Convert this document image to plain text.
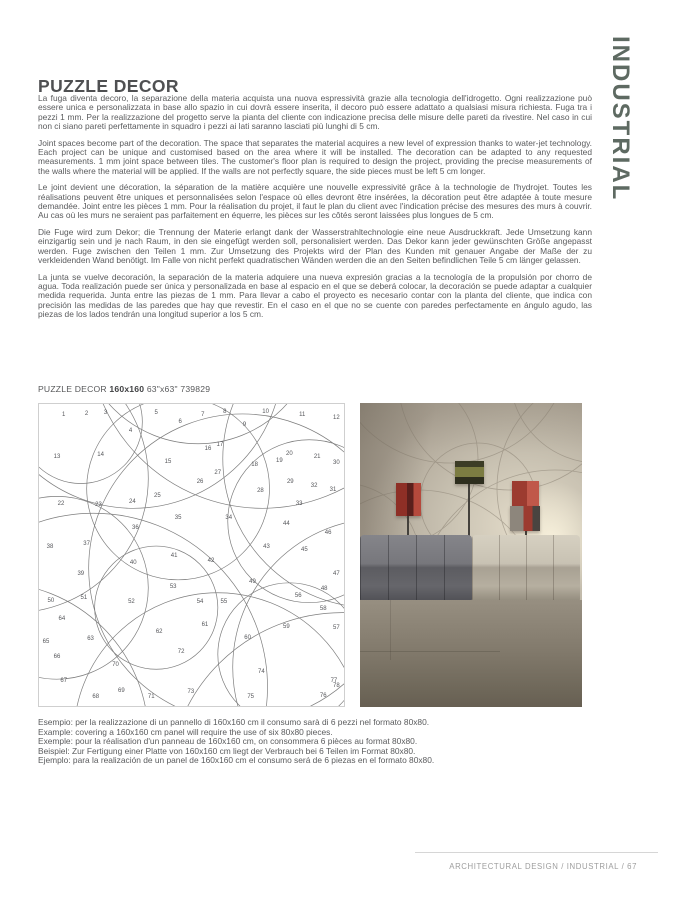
PUZZLE DECOR

La fuga diventa decoro, la separazione della materia acquista una nuova espressività grazie alla tecnologia dell'idrogetto. Ogni realizzazione può essere unica e personalizzata in base allo spazio in cui dovrà essere inserita, il decoro può essere adattato a qualsiasi misura richiesta. Fuga tra i pezzi 1 mm. Per la realizzazione del progetto serve la pianta del cliente con indicazione precisa delle misure delle pareti da rivestire. Nel caso in cui non ci siano pareti perfettamente in squadro i pezzi ai lati saranno lasciati più lunghi di 5 cm.

Joint spaces become part of the decoration. The space that separates the material acquires a new level of expression thanks to water-jet technology. Each project can be unique and customised based on the area where it will be installed. The decoration can be adapted to any requested measurements. 1 mm joint space between tiles. The customer's floor plan is required to design the project, providing the precise measurements of the walls where the material will be applied. If the walls are not perfectly square, the side pieces must be left 5 cm longer.

Le joint devient une décoration, la séparation de la matière acquière une nouvelle expressivité grâce à la technologie de l'hydrojet. Toutes les réalisations peuvent être uniques et personnalisées selon l'espace où elles devront être insérées, la décoration peut être adaptée à toute mesure demandée. Joint entre les pièces 1 mm. Pour la réalisation du projet, il faut le plan du client avec l'indication précise des mesures des murs à couvrir. Au cas où les murs ne seraient pas parfaitement en équerre, les pièces sur les côtés seront laissées plus longues de 5 cm.

Die Fuge wird zum Dekor; die Trennung der Materie erlangt dank der Wasserstrahltechnologie eine neue Ausdruckkraft. Jede Umsetzung kann einzigartig sein und je nach Raum, in den sie eingefügt werden soll, personalisiert werden. Das Dekor kann jeder gewünschten Größe angepasst werden. Fuge zwischen den Teilen 1 mm. Zur Umsetzung des Projekts wird der Plan des Kunden mit genauer Angabe der Maße der zu verkleidenden Wand benötigt. Im Falle von nicht perfekt quadratischen Wänden werden die an den Seiten befindlichen Teile 5 cm länger gelassen.

La junta se vuelve decoración, la separación de la materia adquiere una nueva expresión gracias a la tecnología de la propulsión por chorro de agua. Toda realización puede ser única y personalizada en base al espacio en el que se deberá colocar, la decoración se puede adaptar a cualquier medida requerida. Junta entre las piezas de 1 mm. Para llevar a cabo el proyecto es necesario contar con la planta del cliente, que indica con precisión las medidas de las paredes que hay que revestir. En el caso en el que no se cuente con paredes perfectamente en ángulo agudo, las piezas de los lados tendrán una longitud superior a los 5 cm.

PUZZLE DECOR 160x160 63"x63" 739829
1	2	3
4
5
6
7
8
9
10
11
12
13	14
15
16
17
18
19
20
21
22	23
24
25
26
27
28
29
30
31
32
33
34
35
36
37
38
39
40
41
42
43
44
45
46
47
48
49
50	51
52
53
54	55
56
57
58
59
60
61
62
63
64
65
66
67
68
69
70
71
72
73
74
75	76
77
78

Esempio: per la realizzazione di un pannello di 160x160 cm il consumo sarà di 6 pezzi nel formato 80x80.

Example: covering a 160x160 cm panel will require the use of six 80x80 pieces.

Exemple: pour la réalisation d'un panneau de 160x160 cm, on consommera 6 pièces au format 80x80.

Beispiel: Zur Fertigung einer Platte von 160x160 cm liegt der Verbrauch bei 6 Teilen im Format 80x80.

Ejemplo: para la realización de un panel de 160x160 cm el consumo será de 6 piezas en el formato 80x80.

INDUSTRIAL
ARCHITECTURAL DESIGN / INDUSTRIAL / 67
